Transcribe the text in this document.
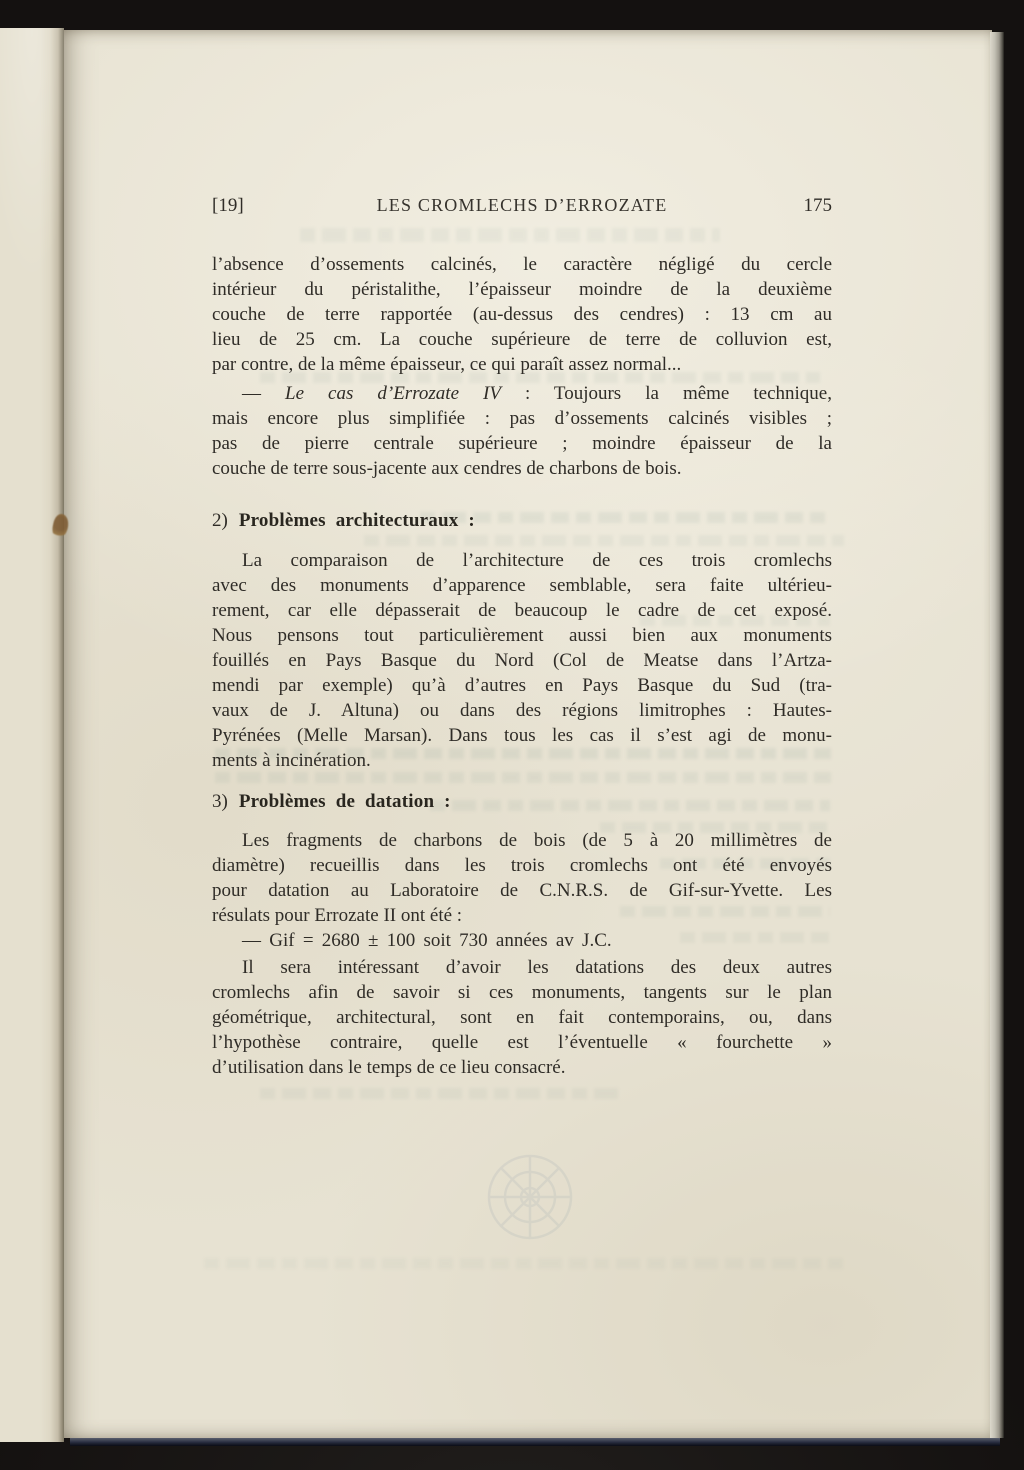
[19]	LES CROMLECHS D’ERROZATE	175
l’absence d’ossements calcinés, le caractère négligé du cercle
intérieur du péristalithe, l’épaisseur moindre de la deuxième
couche de terre rapportée (au-dessus des cendres) : 13 cm au
lieu de 25 cm. La couche supérieure de terre de colluvion est,
par contre, de la même épaisseur, ce qui paraît assez normal...
— Le cas d’Errozate IV : Toujours la même technique,
mais encore plus simplifiée : pas d’ossements calcinés visibles ;
pas de pierre centrale supérieure ; moindre épaisseur de la
couche de terre sous-jacente aux cendres de charbons de bois.
2) Problèmes architecturaux :
La comparaison de l’architecture de ces trois cromlechs
avec des monuments d’apparence semblable, sera faite ultérieu-
rement, car elle dépasserait de beaucoup le cadre de cet exposé.
Nous pensons tout particulièrement aussi bien aux monuments
fouillés en Pays Basque du Nord (Col de Meatse dans l’Artza-
mendi par exemple) qu’à d’autres en Pays Basque du Sud (tra-
vaux de J. Altuna) ou dans des régions limitrophes : Hautes-
Pyrénées (Melle Marsan). Dans tous les cas il s’est agi de monu-
ments à incinération.
3) Problèmes de datation :
Les fragments de charbons de bois (de 5 à 20 millimètres de
diamètre) recueillis dans les trois cromlechs ont été envoyés
pour datation au Laboratoire de C.N.R.S. de Gif-sur-Yvette. Les
résulats pour Errozate II ont été :
— Gif = 2680 ± 100 soit 730 années av J.C.
Il sera intéressant d’avoir les datations des deux autres
cromlechs afin de savoir si ces monuments, tangents sur le plan
géométrique, architectural, sont en fait contemporains, ou, dans
l’hypothèse contraire, quelle est l’éventuelle « fourchette »
d’utilisation dans le temps de ce lieu consacré.
